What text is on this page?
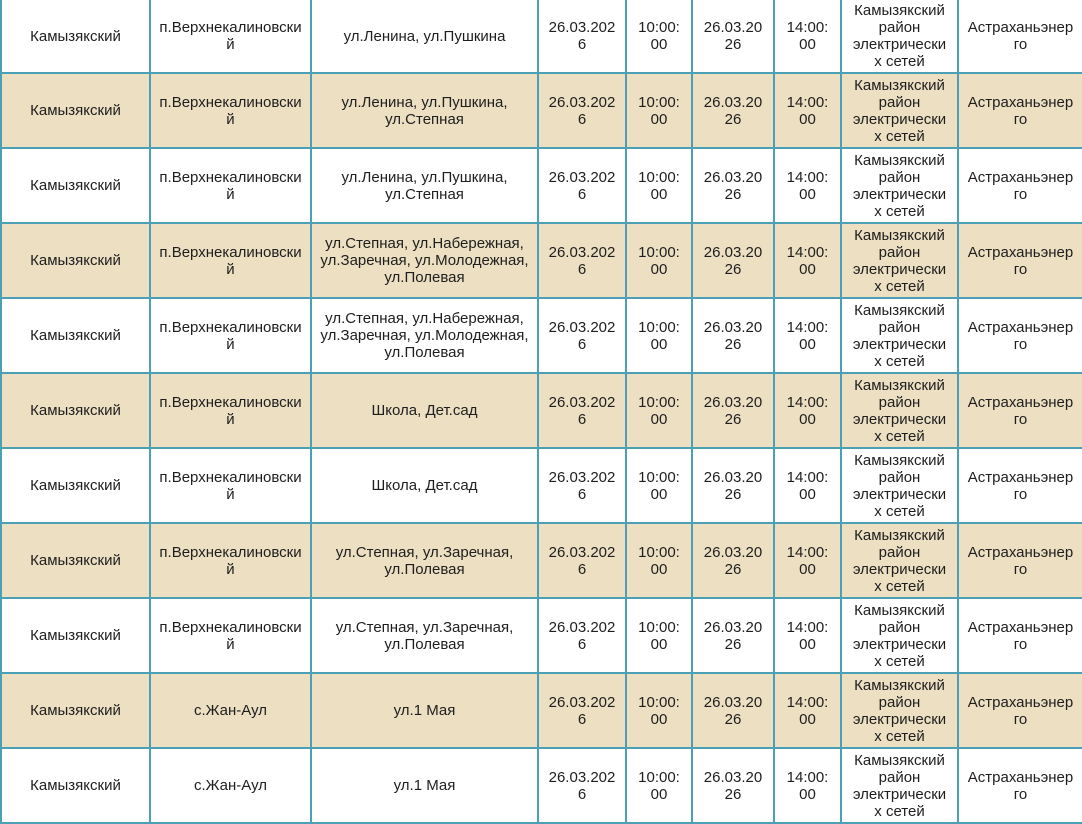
Камызякский	п.Верхнекалиновский	ул.Ленина, ул.Пушкина	26.03.2026	10:00:00	26.03.2026	14:00:00	Камызякский район электрических сетей	Астраханьэнерго
Камызякский	п.Верхнекалиновский	ул.Ленина, ул.Пушкина, ул.Степная	26.03.2026	10:00:00	26.03.2026	14:00:00	Камызякский район электрических сетей	Астраханьэнерго
Камызякский	п.Верхнекалиновский	ул.Ленина, ул.Пушкина, ул.Степная	26.03.2026	10:00:00	26.03.2026	14:00:00	Камызякский район электрических сетей	Астраханьэнерго
Камызякский	п.Верхнекалиновский	ул.Степная, ул.Набережная, ул.Заречная, ул.Молодежная, ул.Полевая	26.03.2026	10:00:00	26.03.2026	14:00:00	Камызякский район электрических сетей	Астраханьэнерго
Камызякский	п.Верхнекалиновский	ул.Степная, ул.Набережная, ул.Заречная, ул.Молодежная, ул.Полевая	26.03.2026	10:00:00	26.03.2026	14:00:00	Камызякский район электрических сетей	Астраханьэнерго
Камызякский	п.Верхнекалиновский	Школа, Дет.сад	26.03.2026	10:00:00	26.03.2026	14:00:00	Камызякский район электрических сетей	Астраханьэнерго
Камызякский	п.Верхнекалиновский	Школа, Дет.сад	26.03.2026	10:00:00	26.03.2026	14:00:00	Камызякский район электрических сетей	Астраханьэнерго
Камызякский	п.Верхнекалиновский	ул.Степная, ул.Заречная, ул.Полевая	26.03.2026	10:00:00	26.03.2026	14:00:00	Камызякский район электрических сетей	Астраханьэнерго
Камызякский	п.Верхнекалиновский	ул.Степная, ул.Заречная, ул.Полевая	26.03.2026	10:00:00	26.03.2026	14:00:00	Камызякский район электрических сетей	Астраханьэнерго
Камызякский	с.Жан-Аул	ул.1 Мая	26.03.2026	10:00:00	26.03.2026	14:00:00	Камызякский район электрических сетей	Астраханьэнерго
Камызякский	с.Жан-Аул	ул.1 Мая	26.03.2026	10:00:00	26.03.2026	14:00:00	Камызякский район электрических сетей	Астраханьэнерго
